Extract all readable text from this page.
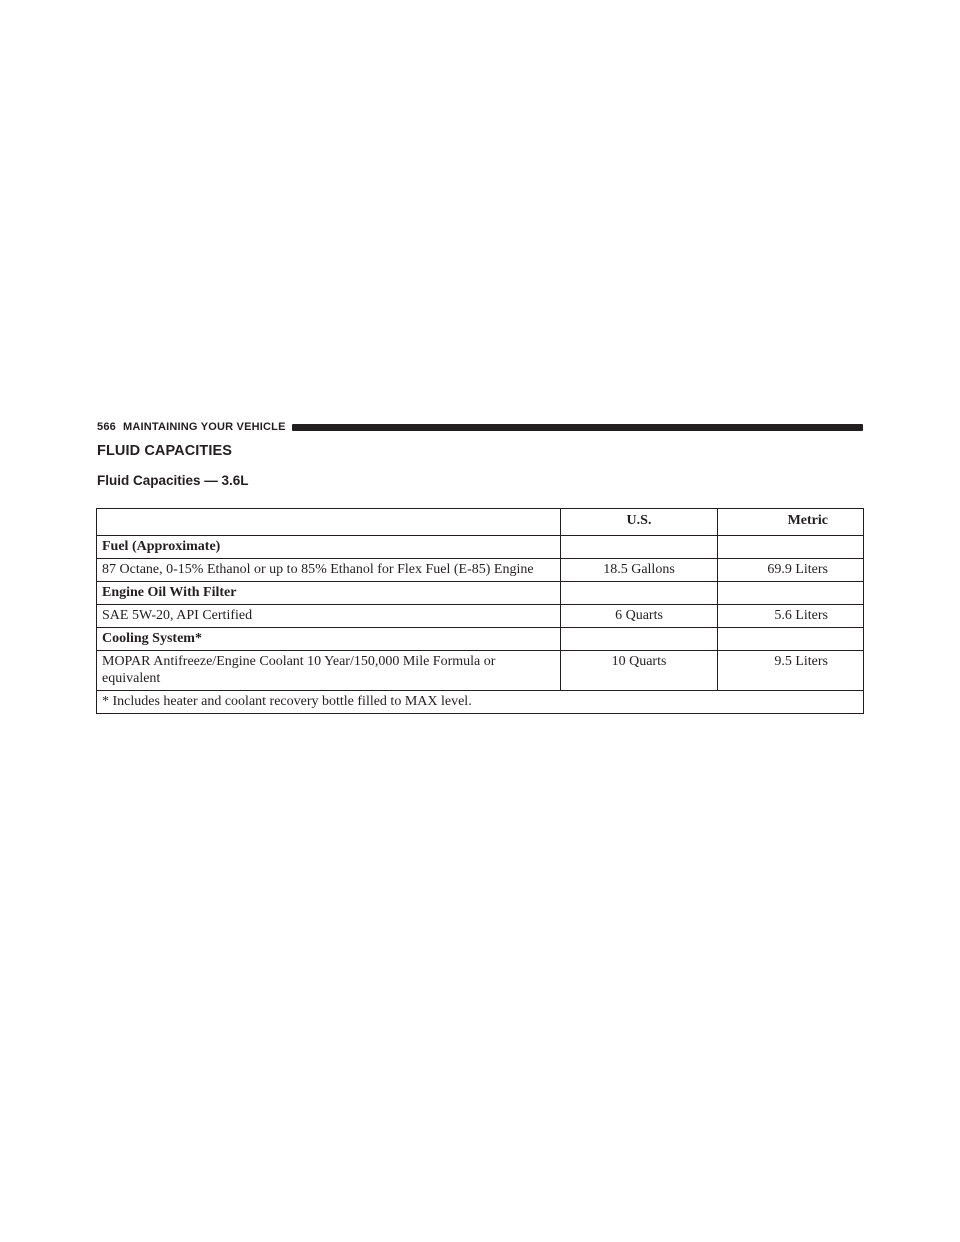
566 MAINTAINING YOUR VEHICLE
FLUID CAPACITIES
Fluid Capacities — 3.6L
	U.S.	Metric
Fuel (Approximate)		
87 Octane, 0-15% Ethanol or up to 85% Ethanol for Flex Fuel (E-85) Engine	18.5 Gallons	69.9 Liters
Engine Oil With Filter		
SAE 5W-20, API Certified	6 Quarts	5.6 Liters
Cooling System*		
MOPAR Antifreeze/Engine Coolant 10 Year/150,000 Mile Formula or equivalent	10 Quarts	9.5 Liters
* Includes heater and coolant recovery bottle filled to MAX level.		
